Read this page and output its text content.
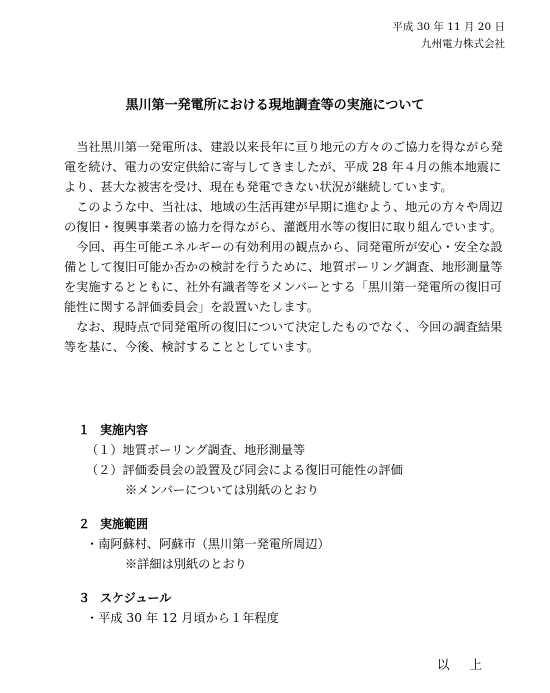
平成 30 年 11 月 20 日
九州電力株式会社
黒川第一発電所における現地調査等の実施について

当社黒川第一発電所は、建設以来長年に亘り地元の方々のご協力を得ながら発電を続け、電力の安定供給に寄与してきましたが、平成 28 年４月の熊本地震により、甚大な被害を受け、現在も発電できない状況が継続しています。

このような中、当社は、地域の生活再建が早期に進むよう、地元の方々や周辺の復旧・復興事業者の協力を得ながら、灌漑用水等の復旧に取り組んでいます。

今回、再生可能エネルギーの有効利用の観点から、同発電所が安心・安全な設備として復旧可能か否かの検討を行うために、地質ボーリング調査、地形測量等を実施するとともに、社外有識者等をメンバーとする「黒川第一発電所の復旧可能性に関する評価委員会」を設置いたします。

なお、現時点で同発電所の復旧について決定したものでなく、今回の調査結果等を基に、今後、検討することとしています。

１ 実施内容
（１）地質ボーリング調査、地形測量等
（２）評価委員会の設置及び同会による復旧可能性の評価
※メンバーについては別紙のとおり
２ 実施範囲
・南阿蘇村、阿蘇市（黒川第一発電所周辺）
※詳細は別紙のとおり
３ スケジュール
・平成 30 年 12 月頃から１年程度
以上
